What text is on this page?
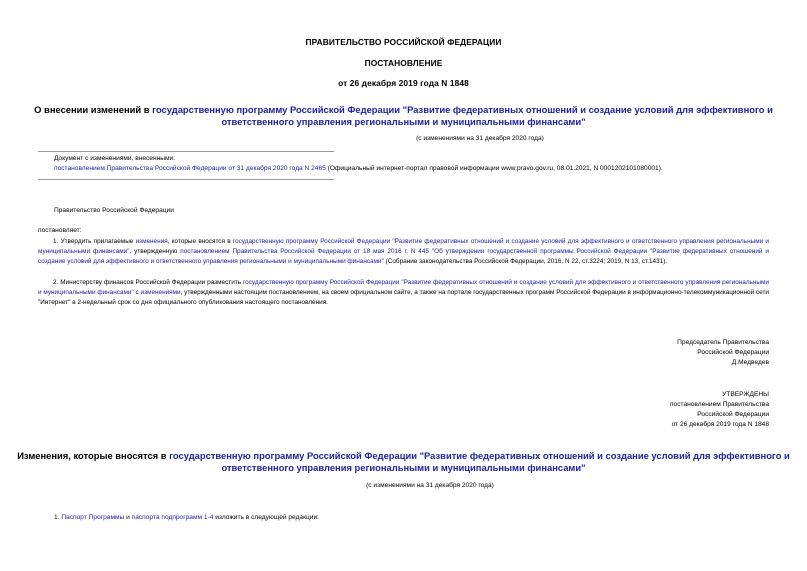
ПРАВИТЕЛЬСТВО РОССИЙСКОЙ ФЕДЕРАЦИИ
ПОСТАНОВЛЕНИЕ
от 26 декабря 2019 года N 1848
О внесении изменений в государственную программу Российской Федерации "Развитие федеративных отношений и создание условий для эффективного и ответственного управления региональными и муниципальными финансами"
(с изменениями на 31 декабря 2020 года)
Документ с изменениями, внесенными:
постановлением Правительства Российской Федерации от 31 декабря 2020 года N 2465 (Официальный интернет-портал правовой информации www.pravo.gov.ru, 08.01.2021, N 0001202101080001).
Правительство Российской Федерации
постановляет:
1. Утвердить прилагаемые изменения, которые вносятся в государственную программу Российской Федерации "Развитие федеративных отношений и создание условий для эффективного и ответственного управления региональными и муниципальными финансами", утвержденную постановлением Правительства Российской Федерации от 18 мая 2016 г. N 445 "Об утверждении государственной программы Российской Федерации "Развитие федеративных отношений и создание условий для эффективного и ответственного управления региональными и муниципальными финансами" (Собрание законодательства Российской Федерации, 2016, N 22, ст.3224; 2019, N 13, ст.1431).
2. Министерству финансов Российской Федерации разместить государственную программу Российской Федерации "Развитие федеративных отношений и создание условий для эффективного и ответственного управления региональными и муниципальными финансами" с изменениями, утвержденными настоящим постановлением, на своем официальном сайте, а также на портале государственных программ Российской Федерации в информационно-телекоммуникационной сети "Интернет" в 2-недельный срок со дня официального опубликования настоящего постановления.
Председатель Правительства
Российской Федерации
Д.Медведев
УТВЕРЖДЕНЫ
постановлением Правительства
Российской Федерации
от 26 декабря 2019 года N 1848
Изменения, которые вносятся в государственную программу Российской Федерации "Развитие федеративных отношений и создание условий для эффективного и ответственного управления региональными и муниципальными финансами"
(с изменениями на 31 декабря 2020 года)
1. Паспорт Программы и паспорта подпрограмм 1-4 изложить в следующей редакции:
